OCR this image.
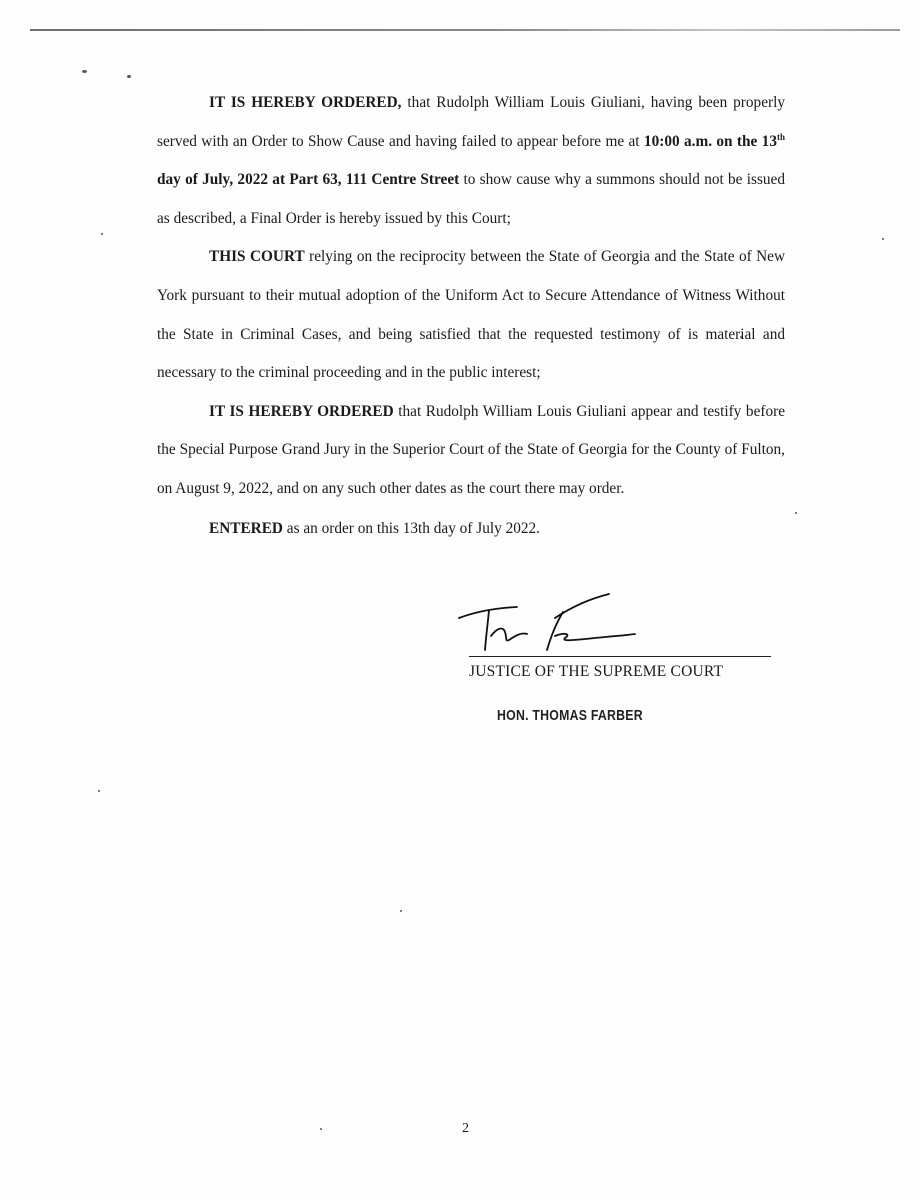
IT IS HEREBY ORDERED, that Rudolph William Louis Giuliani, having been properly served with an Order to Show Cause and having failed to appear before me at 10:00 a.m. on the 13th day of July, 2022 at Part 63, 111 Centre Street to show cause why a summons should not be issued as described, a Final Order is hereby issued by this Court;

THIS COURT relying on the reciprocity between the State of Georgia and the State of New York pursuant to their mutual adoption of the Uniform Act to Secure Attendance of Witness Without the State in Criminal Cases, and being satisfied that the requested testimony of is material and necessary to the criminal proceeding and in the public interest;

IT IS HEREBY ORDERED that Rudolph William Louis Giuliani appear and testify before the Special Purpose Grand Jury in the Superior Court of the State of Georgia for the County of Fulton, on August 9, 2022, and on any such other dates as the court there may order.

ENTERED as an order on this 13th day of July 2022.

JUSTICE OF THE SUPREME COURT
HON. THOMAS FARBER
2
